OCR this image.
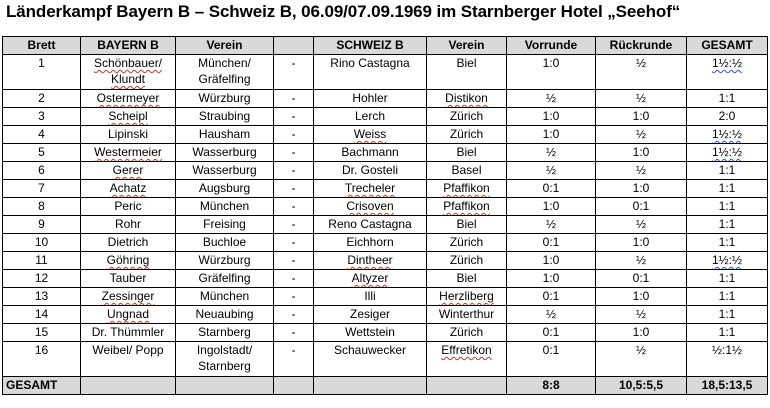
Länderkampf Bayern B – Schweiz B, 06.09/07.09.1969 im Starnberger Hotel „Seehof“
Brett	BAYERN B	Verein		SCHWEIZ B	Verein	Vorrunde	Rückrunde	GESAMT
1	Schönbauer/ Klundt	München/ Gräfelfing	-	Rino Castagna	Biel	1:0	½	1½:½
2	Ostermeyer	Würzburg	-	Hohler	Distikon	½	½	1:1
3	Scheipl	Straubing	-	Lerch	Zürich	1:0	1:0	2:0
4	Lipinski	Hausham	-	Weiss	Zürich	1:0	½	1½:½
5	Westermeier	Wasserburg	-	Bachmann	Biel	½	1:0	1½:½
6	Gerer	Wasserburg	-	Dr. Gosteli	Basel	½	½	1:1
7	Achatz	Augsburg	-	Trecheler	Pfaffikon	0:1	1:0	1:1
8	Peric	München	-	Crisoven	Pfaffikon	1:0	0:1	1:1
9	Rohr	Freising	-	Reno Castagna	Biel	½	½	1:1
10	Dietrich	Buchloe	-	Eichhorn	Zürich	0:1	1:0	1:1
11	Göhring	Würzburg	-	Dintheer	Zürich	1:0	½	1½:½
12	Tauber	Gräfelfing	-	Altyzer	Biel	1:0	0:1	1:1
13	Zessinger	München	-	Illi	Herzliberg	0:1	1:0	1:1
14	Ungnad	Neuaubing	-	Zesiger	Winterthur	½	½	1:1
15	Dr. Thümmler	Starnberg	-	Wettstein	Zürich	0:1	1:0	1:1
16	Weibel/ Popp	Ingolstadt/ Starnberg	-	Schauwecker	Effretikon	0:1	½	½:1½
GESAMT						8:8	10,5:5,5	18,5:13,5
